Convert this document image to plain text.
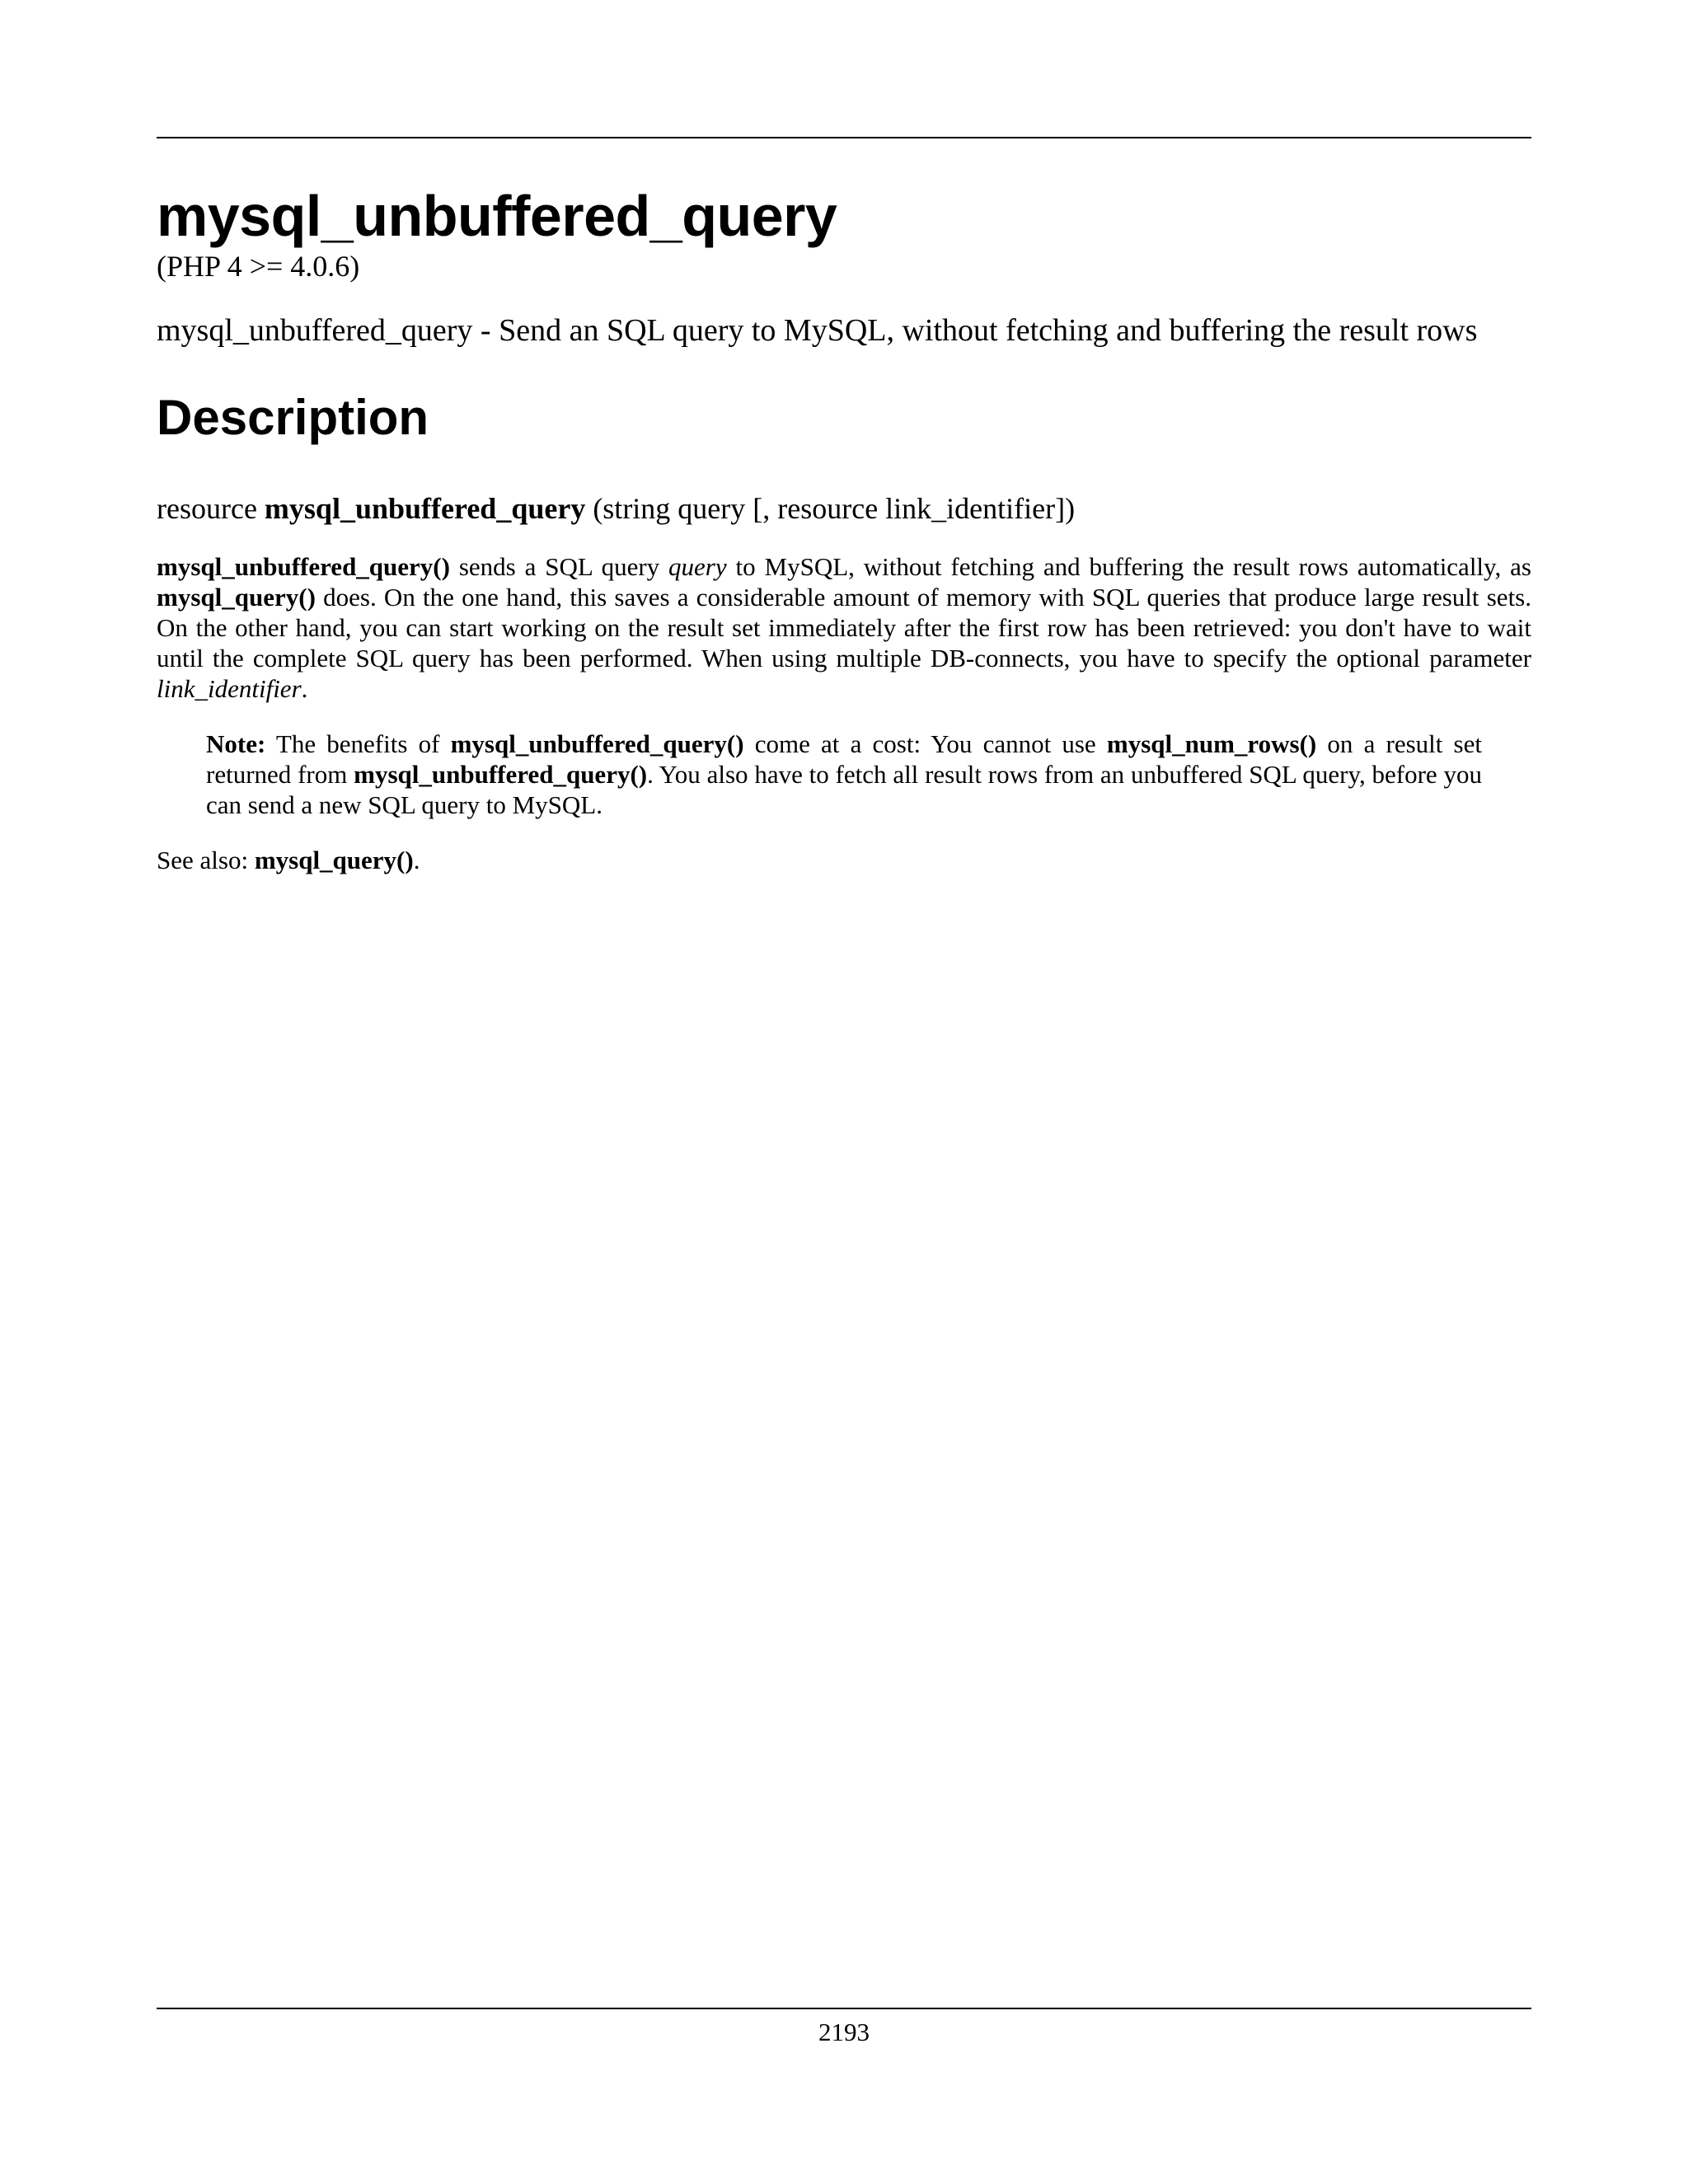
mysql_unbuffered_query
(PHP 4 >= 4.0.6)

mysql_unbuffered_query - Send an SQL query to MySQL, without fetching and buffering the result rows

Description

resource mysql_unbuffered_query (string query [, resource link_identifier])

mysql_unbuffered_query() sends a SQL query query to MySQL, without fetching and buffering the result rows automatically, as mysql_query() does. On the one hand, this saves a considerable amount of memory with SQL queries that produce large result sets. On the other hand, you can start working on the result set immediately after the first row has been retrieved: you don't have to wait until the complete SQL query has been performed. When using multiple DB-connects, you have to specify the optional parameter link_identifier.

Note: The benefits of mysql_unbuffered_query() come at a cost: You cannot use mysql_num_rows() on a result set returned from mysql_unbuffered_query(). You also have to fetch all result rows from an unbuffered SQL query, before you can send a new SQL query to MySQL.

See also: mysql_query().

2193
